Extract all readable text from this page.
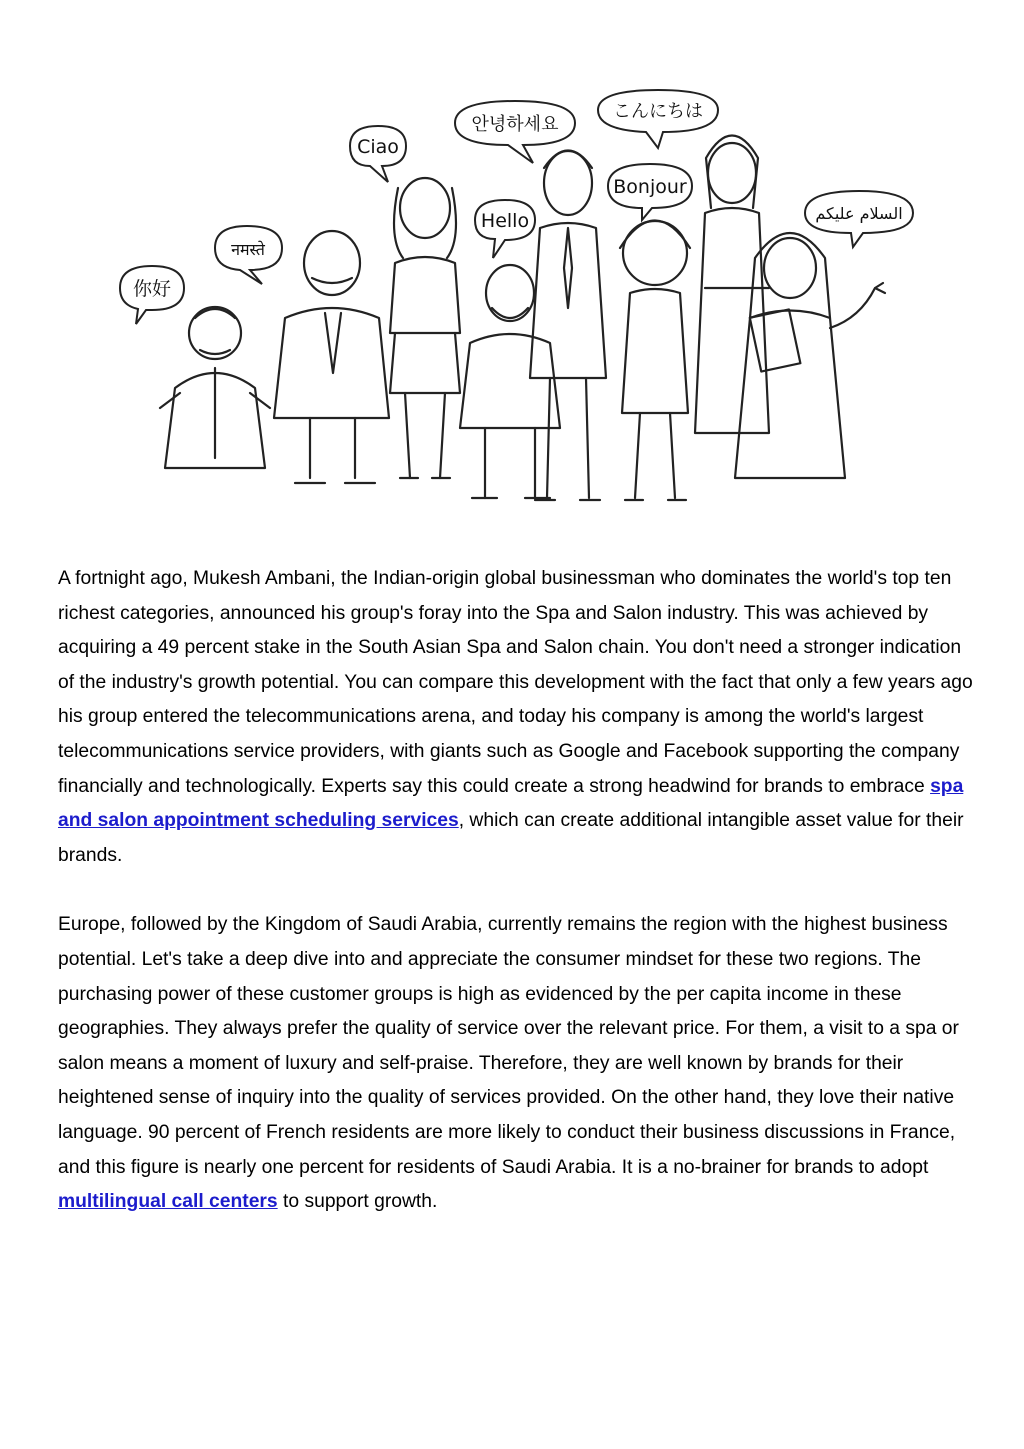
你好
नमस्ते
Ciao
Hello
안녕하세요
こんにちは
Bonjour
السلام عليكم

A fortnight ago, Mukesh Ambani, the Indian-origin global businessman who dominates the world's top ten richest categories, announced his group's foray into the Spa and Salon industry. This was achieved by acquiring a 49 percent stake in the South Asian Spa and Salon chain. You don't need a stronger indication of the industry's growth potential. You can compare this development with the fact that only a few years ago his group entered the telecommunications arena, and today his company is among the world's largest telecommunications service providers, with giants such as Google and Facebook supporting the company financially and technologically. Experts say this could create a strong headwind for brands to embrace spa and salon appointment scheduling services, which can create additional intangible asset value for their brands.

Europe, followed by the Kingdom of Saudi Arabia, currently remains the region with the highest business potential. Let's take a deep dive into and appreciate the consumer mindset for these two regions. The purchasing power of these customer groups is high as evidenced by the per capita income in these geographies. They always prefer the quality of service over the relevant price. For them, a visit to a spa or salon means a moment of luxury and self-praise. Therefore, they are well known by brands for their heightened sense of inquiry into the quality of services provided. On the other hand, they love their native language. 90 percent of French residents are more likely to conduct their business discussions in France, and this figure is nearly one percent for residents of Saudi Arabia. It is a no-brainer for brands to adopt multilingual call centers to support growth.
